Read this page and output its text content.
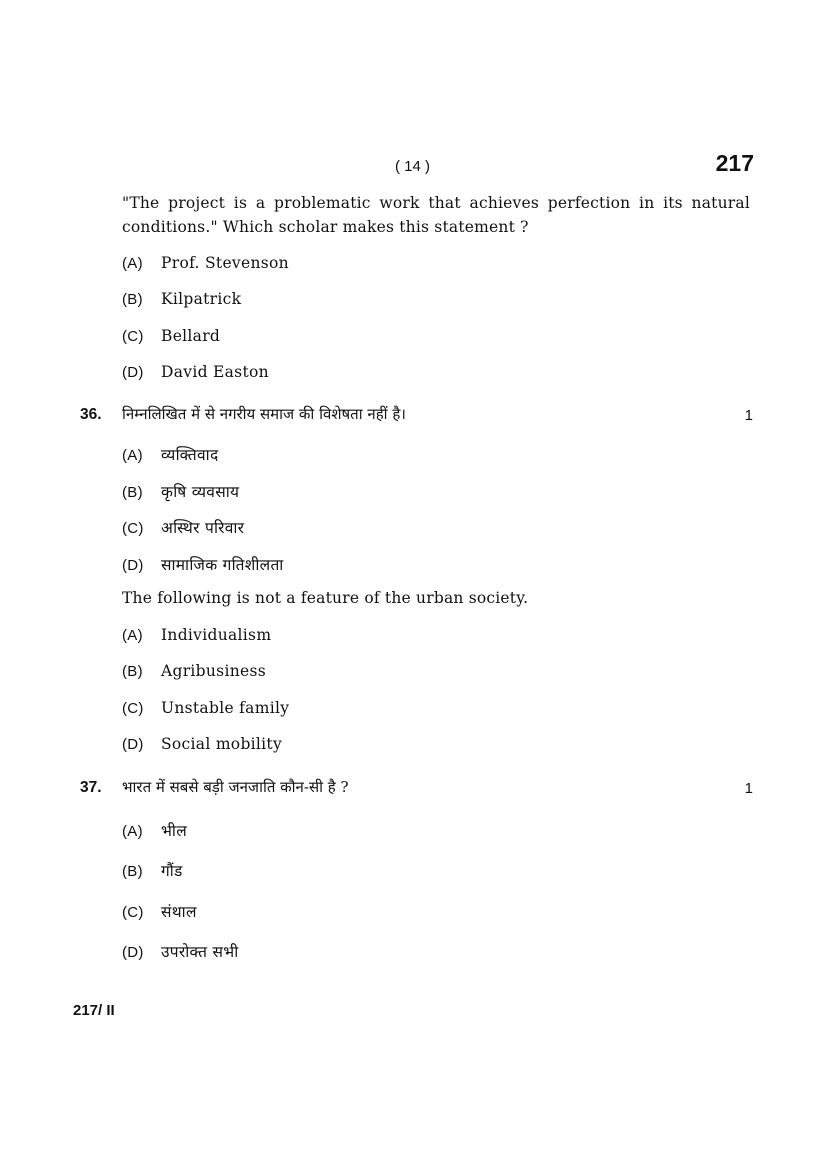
( 14 )	217
"The project is a problematic work that achieves perfection in its natural conditions." Which scholar makes this statement ?
(A) Prof. Stevenson
(B) Kilpatrick
(C) Bellard
(D) David Easton
36. निम्नलिखित में से नगरीय समाज की विशेषता नहीं है।	1
(A) व्यक्तिवाद
(B) कृषि व्यवसाय
(C) अस्थिर परिवार
(D) सामाजिक गतिशीलता
The following is not a feature of the urban society.
(A) Individualism
(B) Agribusiness
(C) Unstable family
(D) Social mobility
37. भारत में सबसे बड़ी जनजाति कौन-सी है ?	1
(A) भील
(B) गौंड
(C) संथाल
(D) उपरोक्त सभी
217/ II
